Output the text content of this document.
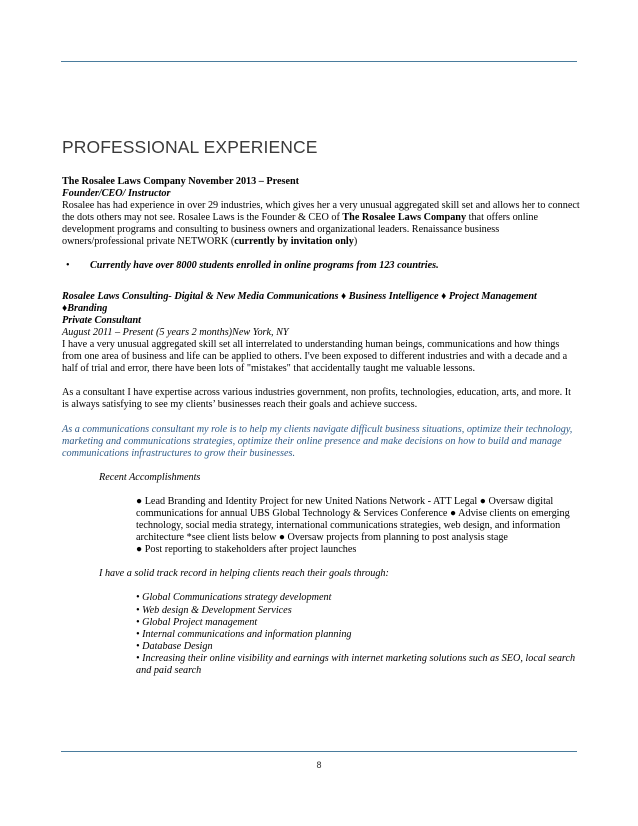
PROFESSIONAL EXPERIENCE

The Rosalee Laws Company November 2013 – Present

Founder/CEO/ Instructor

Rosalee has had experience in over 29 industries, which gives her a very unusual aggregated skill set and allows her to connect the dots others may not see. Rosalee Laws is the Founder & CEO of The Rosalee Laws Company that offers online development programs and consulting to business owners and organizational leaders. Renaissance business owners/professional private NETWORK (currently by invitation only)

•	Currently have over 8000 students enrolled in online programs from 123 countries.

Rosalee Laws Consulting- Digital & New Media Communications ♦ Business Intelligence ♦ Project Management ♦Branding

Private Consultant

August 2011 – Present (5 years 2 months)New York, NY

I have a very unusual aggregated skill set all interrelated to understanding human beings, communications and how things from one area of business and life can be applied to others. I've been exposed to different industries and with a decade and a half of trial and error, there have been lots of "mistakes" that accidentally taught me valuable lessons.

As a consultant I have expertise across various industries government, non profits, technologies, education, arts, and more. It is always satisfying to see my clients’ businesses reach their goals and achieve success.

As a communications consultant my role is to help my clients navigate difficult business situations, optimize their technology, marketing and communications strategies, optimize their online presence and make decisions on how to build and manage communications infrastructures to grow their businesses.

Recent Accomplishments

● Lead Branding and Identity Project for new United Nations Network - ATT Legal ● Oversaw digital communications for annual UBS Global Technology & Services Conference ● Advise clients on emerging technology, social media strategy, international communications strategies, web design, and information architecture *see client lists below ● Oversaw projects from planning to post analysis stage

● Post reporting to stakeholders after project launches

I have a solid track record in helping clients reach their goals through:

• Global Communications strategy development

• Web design & Development Services

• Global Project management

• Internal communications and information planning

• Database Design

• Increasing their online visibility and earnings with internet marketing solutions such as SEO, local search and paid search

8
